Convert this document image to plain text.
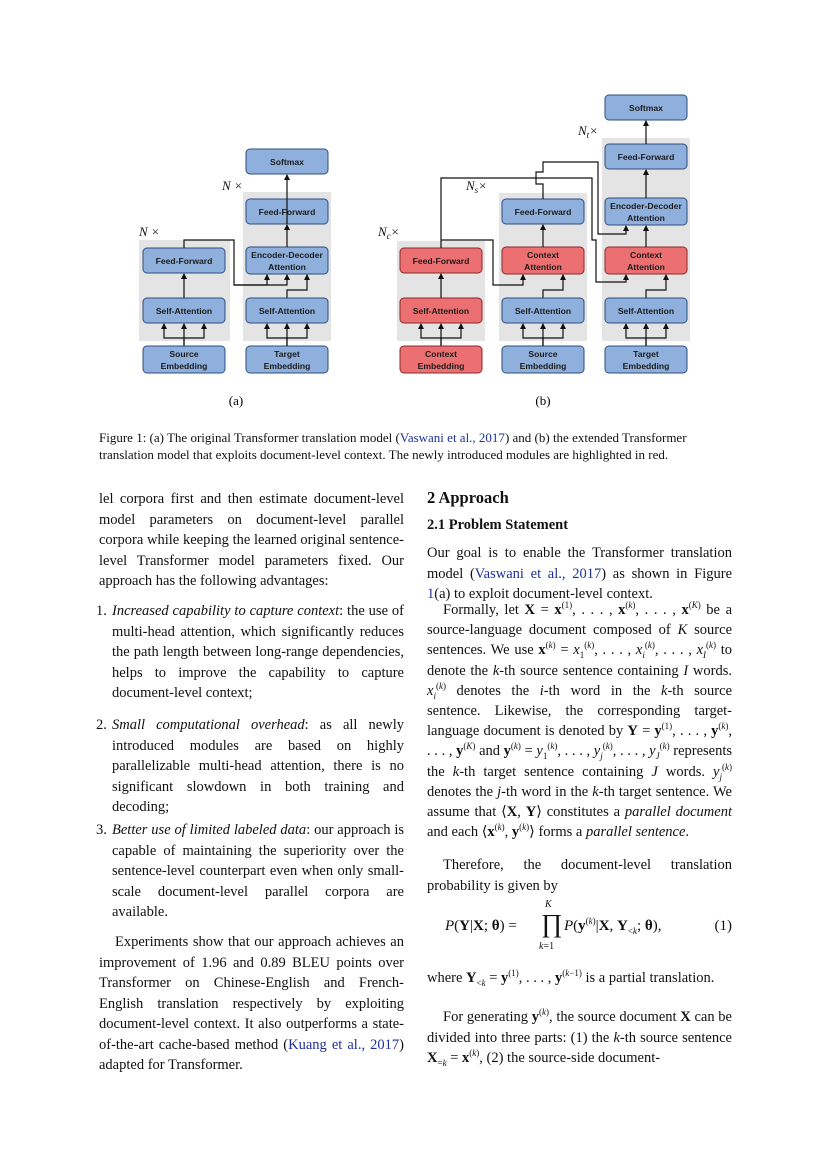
N ×
N ×
Feed-Forward
Self-Attention
Source
Embedding
Softmax
Feed-Forward
Encoder-Decoder
Attention
Self-Attention
Target
Embedding
(a)
$N_c\times$
$N_s\times$
$N_t\times$
Feed-Forward
Self-Attention
Context
Embedding
Feed-Forward
Context
Attention
Self-Attention
Source
Embedding
Softmax
Feed-Forward
Encoder-Decoder
Attention
Context
Attention
Self-Attention
Target
Embedding
(b)
Figure 1: (a) The original Transformer translation model (Vaswani et al., 2017) and (b) the extended Transformer translation model that exploits document-level context. The newly introduced modules are highlighted in red.
lel corpora first and then estimate document-level model parameters on document-level parallel corpora while keeping the learned original sentence-level Transformer model parameters fixed. Our approach has the following advantages:
1. Increased capability to capture context: the use of multi-head attention, which significantly reduces the path length between long-range dependencies, helps to improve the capability to capture document-level context;
2. Small computational overhead: as all newly introduced modules are based on highly parallelizable multi-head attention, there is no significant slowdown in both training and decoding;
3. Better use of limited labeled data: our approach is capable of maintaining the superiority over the sentence-level counterpart even when only small-scale document-level parallel corpora are available.
Experiments show that our approach achieves an improvement of 1.96 and 0.89 BLEU points over Transformer on Chinese-English and French-English translation respectively by exploiting document-level context. It also outperforms a state-of-the-art cache-based method (Kuang et al., 2017) adapted for Transformer.
2 Approach
2.1 Problem Statement
Our goal is to enable the Transformer translation model (Vaswani et al., 2017) as shown in Figure 1(a) to exploit document-level context.
Formally, let $X = x^{(1)}$, . . . , $x^{(k)}$, . . . , $x^{(K)}$ be a source-language document composed of K source sentences. We use $x^{(k)} = x_1^{(k)}$, . . . , $x_i^{(k)}$, . . . , $x_I^{(k)}$ to denote the k-th source sentence containing I words. $x_i^{(k)}$ denotes the i-th word in the k-th source sentence. Likewise, the corresponding target-language document is denoted by $Y = y^{(1)}$, . . . , $y^{(k)}$, . . . , $y^{(K)}$ and $y^{(k)} = y_1^{(k)}$, . . . , $y_j^{(k)}$, . . . , $y_J^{(k)}$ represents the k-th target sentence containing J words. $y_j^{(k)}$ denotes the j-th word in the k-th target sentence. We assume that ⟨X, Y⟩ constitutes a parallel document and each $⟨x^{(k)}$, $y^{(k)}⟩$ forms a parallel sentence.
Therefore, the document-level translation probability is given by
P(Y|X; θ) =
K
∏
k=1
$P(y^{(k)}|X$, $Y_{<k}$; θ),	(1)
where $Y_{<k} = y^{(1)}$, . . . , $y^{(k-1)}$ is a partial translation.
For generating $y^{(k)}$, the source document X can be divided into three parts: (1) the k-th source sentence $X_{=k} = x^{(k)}$, (2) the source-side document-
